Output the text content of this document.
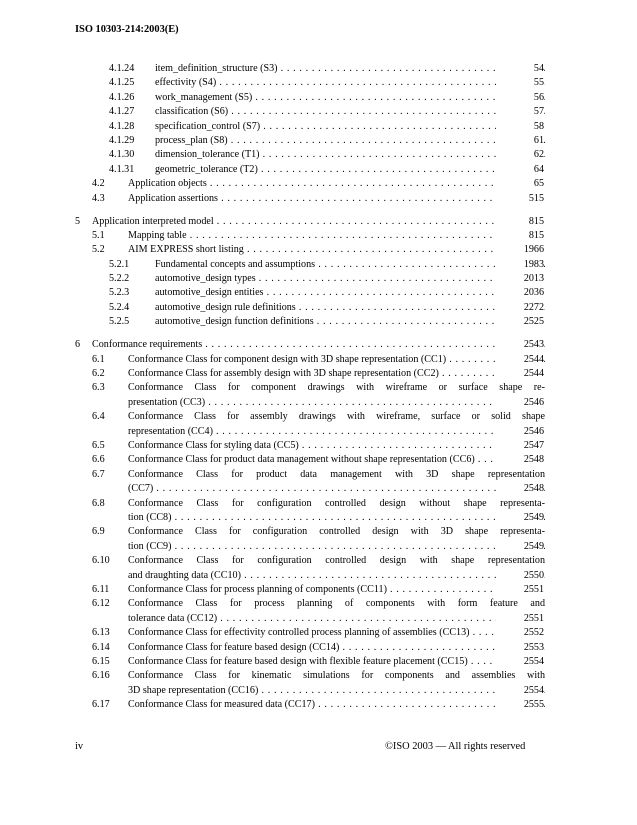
ISO 10303-214:2003(E)
4.1.24 item_definition_structure (S3) . . .	54
4.1.25 effectivity (S4) . . .	55
4.1.26 work_management (S5) . . .	56
4.1.27 classification (S6) . . .	57
4.1.28 specification_control (S7) . . .	58
4.1.29 process_plan (S8) . . .	61
4.1.30 dimension_tolerance (T1) . . .	62
4.1.31 geometric_tolerance (T2) . . .	64
4.2 Application objects . . .	65
4.3 Application assertions . . .	515
5 Application interpreted model . . .	815
5.1 Mapping table . . .	815
5.2 AIM EXPRESS short listing . . .	1966
5.2.1	Fundamental concepts and assumptions . . .	1983
5.2.2	automotive_design types . . .	2013
5.2.3	automotive_design entities . . .	2036
5.2.4	automotive_design rule definitions . . .	2272
5.2.5	automotive_design function definitions . . .	2525
6 Conformance requirements . . .	2543
6.1 Conformance Class for component design with 3D shape representation (CC1) . . .	2544
6.2 Conformance Class for assembly design with 3D shape representation (CC2) . . .	2544
6.3 Conformance Class for component drawings with wireframe or surface shape re-
presentation (CC3) . . .	2546
6.4 Conformance Class for assembly drawings with wireframe, surface or solid shape
representation (CC4) . . .	2546
6.5 Conformance Class for styling data (CC5) . . .	2547
6.6 Conformance Class for product data management without shape representation (CC6) . . .	2548
6.7 Conformance Class for product data management with 3D shape representation
(CC7) . . .	2548
6.8 Conformance Class for configuration controlled design without shape representa-
tion (CC8) . . .	2549
6.9 Conformance Class for configuration controlled design with 3D shape representa-
tion (CC9) . . .	2549
6.10 Conformance Class for configuration controlled design with shape representation
and draughting data (CC10) . . .	2550
6.11 Conformance Class for process planning of components (CC11) . . .	2551
6.12 Conformance Class for process planning of components with form feature and
tolerance data (CC12) . . .	2551
6.13 Conformance Class for effectivity controlled process planning of assemblies (CC13) . . .	2552
6.14 Conformance Class for feature based design (CC14) . . .	2553
6.15 Conformance Class for feature based design with flexible feature placement (CC15) . . .	2554
6.16 Conformance Class for kinematic simulations for components and assemblies with
3D shape representation (CC16) . . .	2554
6.17 Conformance Class for measured data (CC17) . . .	2555
iv	©ISO 2003 — All rights reserved
